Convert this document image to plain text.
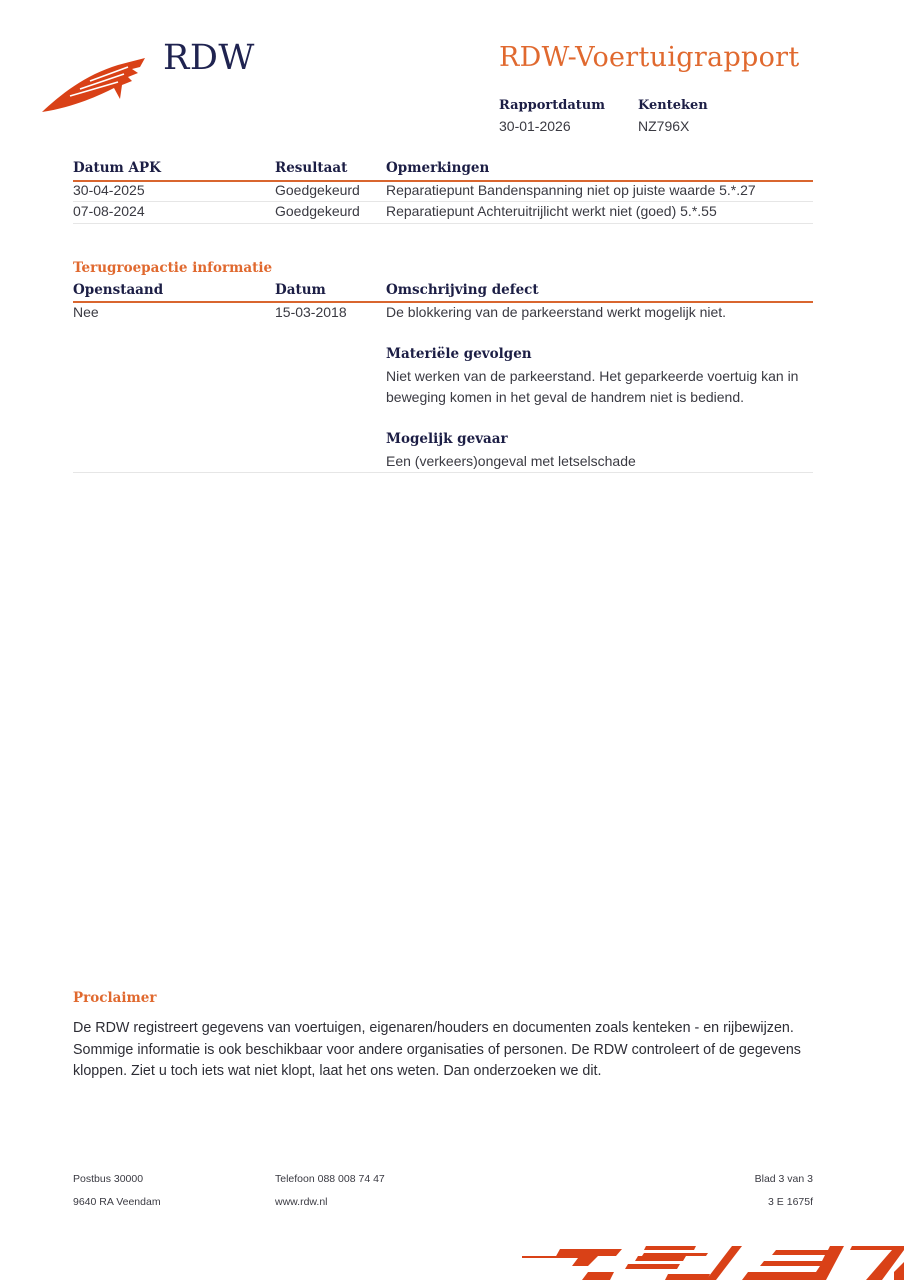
RDW	RDW-Voertuigrapport
Rapportdatum
30-01-2026
Kenteken
NZ796X
Datum APK	Resultaat	Opmerkingen
30-04-2025	Goedgekeurd Reparatiepunt Bandenspanning niet op juiste waarde 5.*.27
07-08-2024	Goedgekeurd Reparatiepunt Achteruitrijlicht werkt niet (goed) 5.*.55
Terugroepactie informatie
Openstaand	Datum	Omschrijving defect
Nee	15-03-2018	De blokkering van de parkeerstand werkt mogelijk niet.
Materiële gevolgen
Niet werken van de parkeerstand. Het geparkeerde voertuig kan in
beweging komen in het geval de handrem niet is bediend.
Mogelijk gevaar
Een (verkeers)ongeval met letselschade
Proclaimer
De RDW registreert gegevens van voertuigen, eigenaren/houders en documenten zoals kenteken - en rijbewijzen.
Sommige informatie is ook beschikbaar voor andere organisaties of personen. De RDW controleert of de gegevens
kloppen. Ziet u toch iets wat niet klopt, laat het ons weten. Dan onderzoeken we dit.
Postbus 30000
9640 RA Veendam
Telefoon 088 008 74 47
www.rdw.nl
Blad 3 van 3
3 E 1675f
